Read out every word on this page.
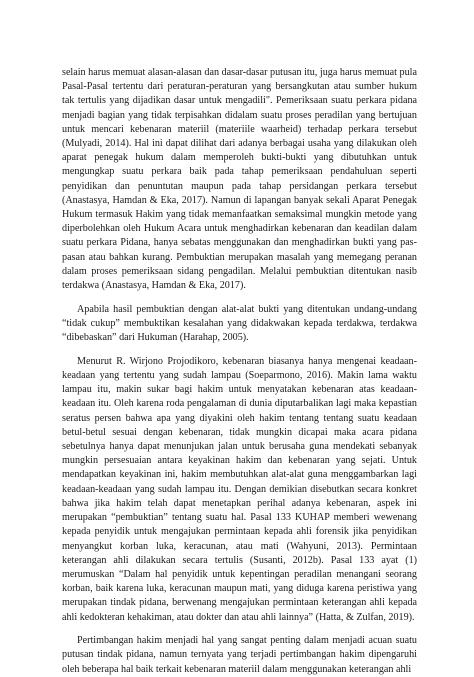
selain harus memuat alasan-alasan dan dasar-dasar putusan itu, juga harus memuat pula Pasal-Pasal tertentu dari peraturan-peraturan yang bersangkutan atau sumber hukum tak tertulis yang dijadikan dasar untuk mengadili". Pemeriksaan suatu perkara pidana menjadi bagian yang tidak terpisahkan didalam suatu proses peradilan yang bertujuan untuk mencari kebenaran materiil (materiile waarheid) terhadap perkara tersebut (Mulyadi, 2014). Hal ini dapat dilihat dari adanya berbagai usaha yang dilakukan oleh aparat penegak hukum dalam memperoleh bukti-bukti yang dibutuhkan untuk mengungkap suatu perkara baik pada tahap pemeriksaan pendahuluan seperti penyidikan dan penuntutan maupun pada tahap persidangan perkara tersebut (Anastasya, Hamdan & Eka, 2017). Namun di lapangan banyak sekali Aparat Penegak Hukum termasuk Hakim yang tidak memanfaatkan semaksimal mungkin metode yang diperbolehkan oleh Hukum Acara untuk menghadirkan kebenaran dan keadilan dalam suatu perkara Pidana, hanya sebatas menggunakan dan menghadirkan bukti yang pas-pasan atau bahkan kurang. Pembuktian merupakan masalah yang memegang peranan dalam proses pemeriksaan sidang pengadilan. Melalui pembuktian ditentukan nasib terdakwa (Anastasya, Hamdan & Eka, 2017).

Apabila hasil pembuktian dengan alat-alat bukti yang ditentukan undang-undang “tidak cukup” membuktikan kesalahan yang didakwakan kepada terdakwa, terdakwa “dibebaskan” dari Hukuman (Harahap, 2005).

Menurut R. Wirjono Projodikoro, kebenaran biasanya hanya mengenai keadaan-keadaan yang tertentu yang sudah lampau (Soeparmono, 2016). Makin lama waktu lampau itu, makin sukar bagi hakim untuk menyatakan kebenaran atas keadaan-keadaan itu. Oleh karena roda pengalaman di dunia diputarbalikan lagi maka kepastian seratus persen bahwa apa yang diyakini oleh hakim tentang tentang suatu keadaan betul-betul sesuai dengan kebenaran, tidak mungkin dicapai maka acara pidana sebetulnya hanya dapat menunjukan jalan untuk berusaha guna mendekati sebanyak mungkin persesuaian antara keyakinan hakim dan kebenaran yang sejati. Untuk mendapatkan keyakinan ini, hakim membutuhkan alat-alat guna menggambarkan lagi keadaan-keadaan yang sudah lampau itu. Dengan demikian disebutkan secara konkret bahwa jika hakim telah dapat menetapkan perihal adanya kebenaran, aspek ini merupakan “pembuktian” tentang suatu hal. Pasal 133 KUHAP memberi wewenang kepada penyidik untuk mengajukan permintaan kepada ahli forensik jika penyidikan menyangkut korban luka, keracunan, atau mati (Wahyuni, 2013). Permintaan keterangan ahli dilakukan secara tertulis (Susanti, 2012b). Pasal 133 ayat (1) merumuskan “Dalam hal penyidik untuk kepentingan peradilan menangani seorang korban, baik karena luka, keracunan maupun mati, yang diduga karena peristiwa yang merupakan tindak pidana, berwenang mengajukan permintaan keterangan ahli kepada ahli kedokteran kehakiman, atau dokter dan atau ahli lainnya” (Hatta, & Zulfan, 2019).

Pertimbangan hakim menjadi hal yang sangat penting dalam menjadi acuan suatu putusan tindak pidana, namun ternyata yang terjadi pertimbangan hakim dipengaruhi oleh beberapa hal baik terkait kebenaran materiil dalam menggunakan keterangan ahli
